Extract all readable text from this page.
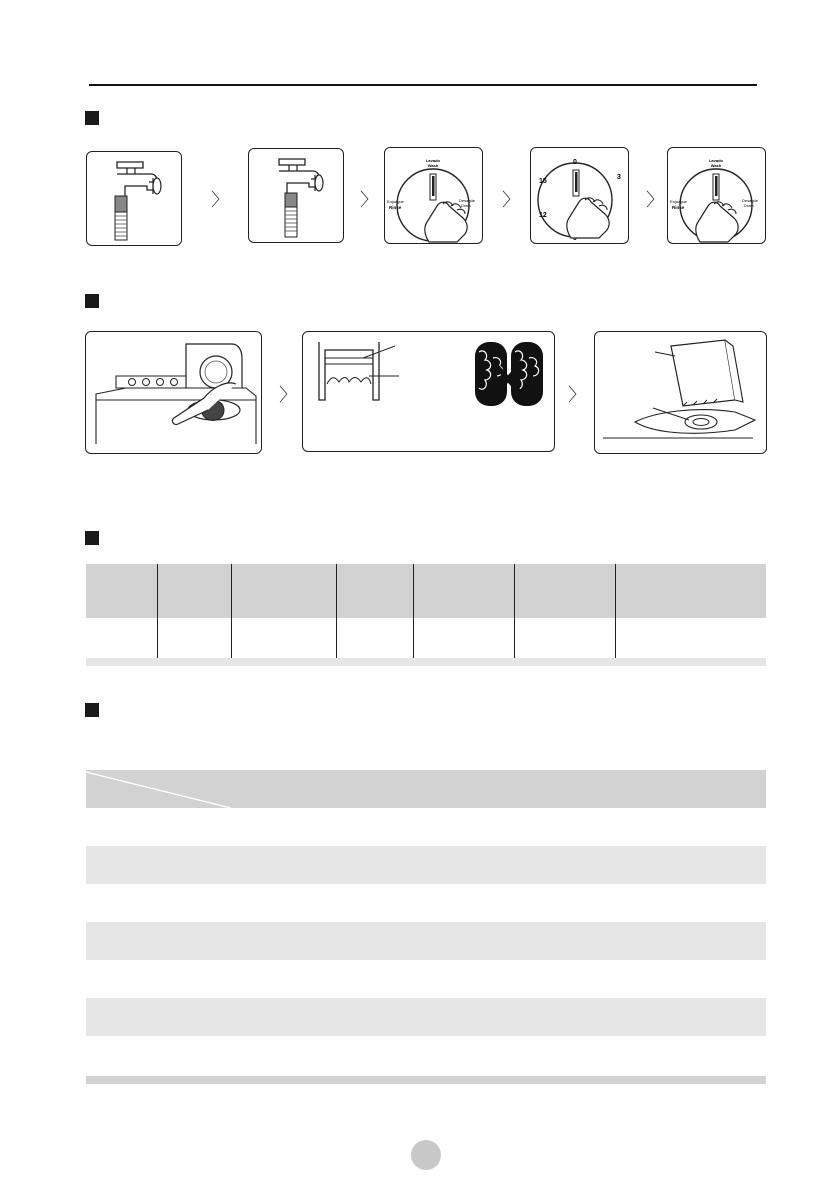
〉	〉
Lavado
Wash
Enjuague
Rinse
Desagüe
Drain 〉
0
3
15
12
〉
Lavado
Wash
Enjuague
Rinse
Desagüe
Drain
〉	〉
